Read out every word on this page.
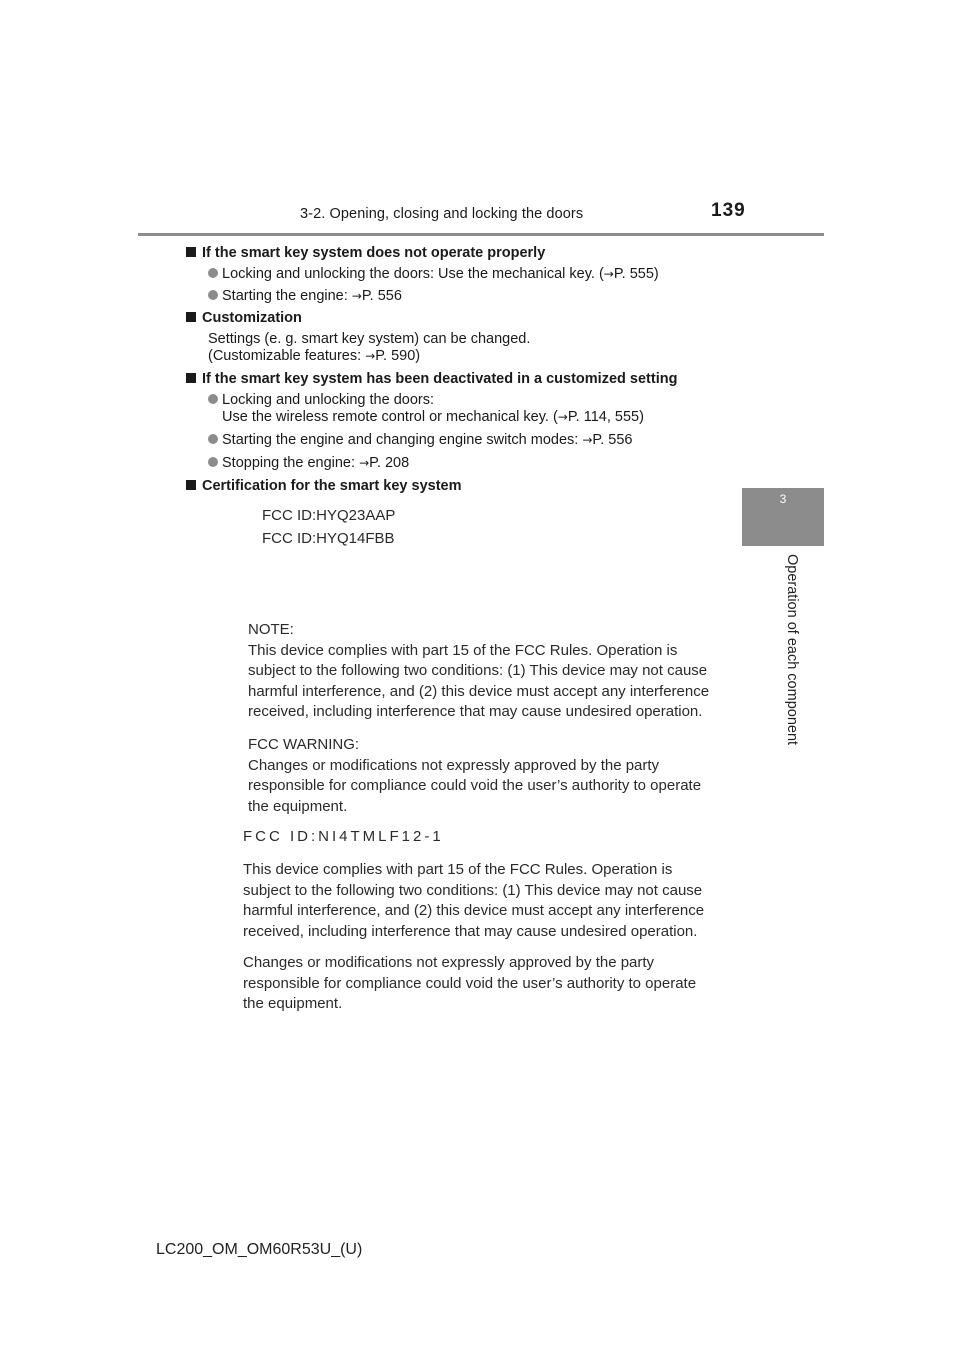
3-2. Opening, closing and locking the doors	139
3
Operation of each component
If the smart key system does not operate properly
Locking and unlocking the doors: Use the mechanical key. (→P. 555)
Starting the engine: →P. 556
Customization
Settings (e. g. smart key system) can be changed.
(Customizable features: →P. 590)
If the smart key system has been deactivated in a customized setting
Locking and unlocking the doors:
Use the wireless remote control or mechanical key. (→P. 114, 555)
Starting the engine and changing engine switch modes: →P. 556
Stopping the engine: →P. 208
Certification for the smart key system
FCC ID:HYQ23AAP
FCC ID:HYQ14FBB
NOTE:
This device complies with part 15 of the FCC Rules. Operation is
subject to the following two conditions: (1) This device may not cause
harmful interference, and (2) this device must accept any interference
received, including interference that may cause undesired operation.
FCC WARNING:
Changes or modifications not expressly approved by the party
responsible for compliance could void the user’s authority to operate
the equipment.
FCC ID:NI4TMLF12-1
This device complies with part 15 of the FCC Rules. Operation is
subject to the following two conditions: (1) This device may not cause
harmful interference, and (2) this device must accept any interference
received, including interference that may cause undesired operation.
Changes or modifications not expressly approved by the party
responsible for compliance could void the user’s authority to operate
the equipment.
LC200_OM_OM60R53U_(U)
